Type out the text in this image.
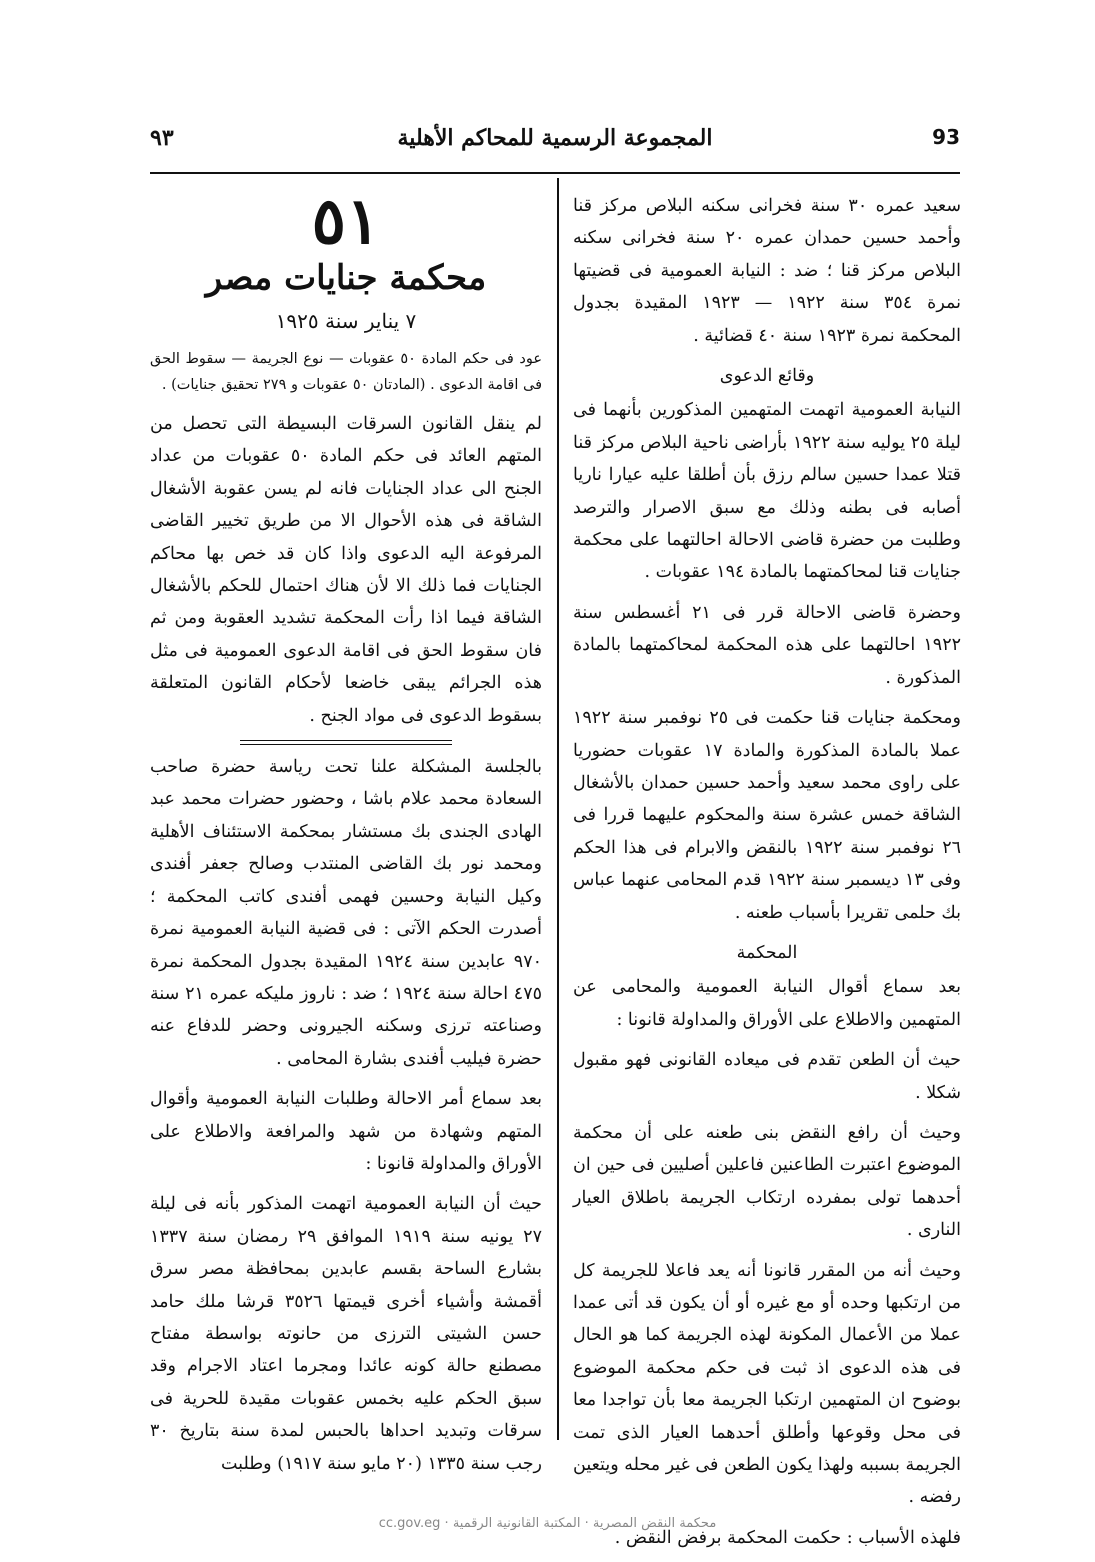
٩٣	المجموعة الرسمية للمحاكم الأهلية	93

سعيد عمره ٣٠ سنة فخرانى سكنه البلاص مركز قنا وأحمد حسين حمدان عمره ٢٠ سنة فخرانى سكنه البلاص مركز قنا ؛ ضد : النيابة العمومية فى قضيتها نمرة ٣٥٤ سنة ١٩٢٢ — ١٩٢٣ المقيدة بجدول المحكمة نمرة ١٩٢٣ سنة ٤٠ قضائية .

وقائع الدعوى

النيابة العمومية اتهمت المتهمين المذكورين بأنهما فى ليلة ٢٥ يوليه سنة ١٩٢٢ بأراضى ناحية البلاص مركز قنا قتلا عمدا حسين سالم رزق بأن أطلقا عليه عيارا ناريا أصابه فى بطنه وذلك مع سبق الاصرار والترصد وطلبت من حضرة قاضى الاحالة احالتهما على محكمة جنايات قنا لمحاكمتهما بالمادة ١٩٤ عقوبات .

وحضرة قاضى الاحالة قرر فى ٢١ أغسطس سنة ١٩٢٢ احالتهما على هذه المحكمة لمحاكمتهما بالمادة المذكورة .

ومحكمة جنايات قنا حكمت فى ٢٥ نوفمبر سنة ١٩٢٢ عملا بالمادة المذكورة والمادة ١٧ عقوبات حضوريا على راوى محمد سعيد وأحمد حسين حمدان بالأشغال الشاقة خمس عشرة سنة والمحكوم عليهما قررا فى ٢٦ نوفمبر سنة ١٩٢٢ بالنقض والابرام فى هذا الحكم وفى ١٣ ديسمبر سنة ١٩٢٢ قدم المحامى عنهما عباس بك حلمى تقريرا بأسباب طعنه .

المحكمة

بعد سماع أقوال النيابة العمومية والمحامى عن المتهمين والاطلاع على الأوراق والمداولة قانونا :

حيث أن الطعن تقدم فى ميعاده القانونى فهو مقبول شكلا .

وحيث أن رافع النقض بنى طعنه على أن محكمة الموضوع اعتبرت الطاعنين فاعلين أصليين فى حين ان أحدهما تولى بمفرده ارتكاب الجريمة باطلاق العيار النارى .

وحيث أنه من المقرر قانونا أنه يعد فاعلا للجريمة كل من ارتكبها وحده أو مع غيره أو أن يكون قد أتى عمدا عملا من الأعمال المكونة لهذه الجريمة كما هو الحال فى هذه الدعوى اذ ثبت فى حكم محكمة الموضوع بوضوح ان المتهمين ارتكبا الجريمة معا بأن تواجدا معا فى محل وقوعها وأطلق أحدهما العيار الذى تمت الجريمة بسببه ولهذا يكون الطعن فى غير محله ويتعين رفضه .

فلهذه الأسباب : حكمت المحكمة برفض النقض .

٥١
محكمة جنايات مصر
٧ يناير سنة ١٩٢٥
عود فى حكم المادة ٥٠ عقوبات — نوع الجريمة — سقوط الحق فى اقامة الدعوى . (المادتان ٥٠ عقوبات و ٢٧٩ تحقيق جنايات) .

لم ينقل القانون السرقات البسيطة التى تحصل من المتهم العائد فى حكم المادة ٥٠ عقوبات من عداد الجنح الى عداد الجنايات فانه لم يسن عقوبة الأشغال الشاقة فى هذه الأحوال الا من طريق تخيير القاضى المرفوعة اليه الدعوى واذا كان قد خص بها محاكم الجنايات فما ذلك الا لأن هناك احتمال للحكم بالأشغال الشاقة فيما اذا رأت المحكمة تشديد العقوبة ومن ثم فان سقوط الحق فى اقامة الدعوى العمومية فى مثل هذه الجرائم يبقى خاضعا لأحكام القانون المتعلقة بسقوط الدعوى فى مواد الجنح .

بالجلسة المشكلة علنا تحت رياسة حضرة صاحب السعادة محمد علام باشا ، وحضور حضرات محمد عبد الهادى الجندى بك مستشار بمحكمة الاستئناف الأهلية ومحمد نور بك القاضى المنتدب وصالح جعفر أفندى وكيل النيابة وحسين فهمى أفندى كاتب المحكمة ؛ أصدرت الحكم الآتى : فى قضية النيابة العمومية نمرة ٩٧٠ عابدين سنة ١٩٢٤ المقيدة بجدول المحكمة نمرة ٤٧٥ احالة سنة ١٩٢٤ ؛ ضد : ناروز مليكه عمره ٢١ سنة وصناعته ترزى وسكنه الجيرونى وحضر للدفاع عنه حضرة فيليب أفندى بشارة المحامى .

بعد سماع أمر الاحالة وطلبات النيابة العمومية وأقوال المتهم وشهادة من شهد والمرافعة والاطلاع على الأوراق والمداولة قانونا :

حيث أن النيابة العمومية اتهمت المذكور بأنه فى ليلة ٢٧ يونيه سنة ١٩١٩ الموافق ٢٩ رمضان سنة ١٣٣٧ بشارع الساحة بقسم عابدين بمحافظة مصر سرق أقمشة وأشياء أخرى قيمتها ٣٥٢٦ قرشا ملك حامد حسن الشيتى الترزى من حانوته بواسطة مفتاح مصطنع حالة كونه عائدا ومجرما اعتاد الاجرام وقد سبق الحكم عليه بخمس عقوبات مقيدة للحرية فى سرقات وتبديد احداها بالحبس لمدة سنة بتاريخ ٣٠ رجب سنة ١٣٣٥ (٢٠ مايو سنة ١٩١٧) وطلبت

cc.gov.eg · محكمة النقض المصرية · المكتبة القانونية الرقمية
